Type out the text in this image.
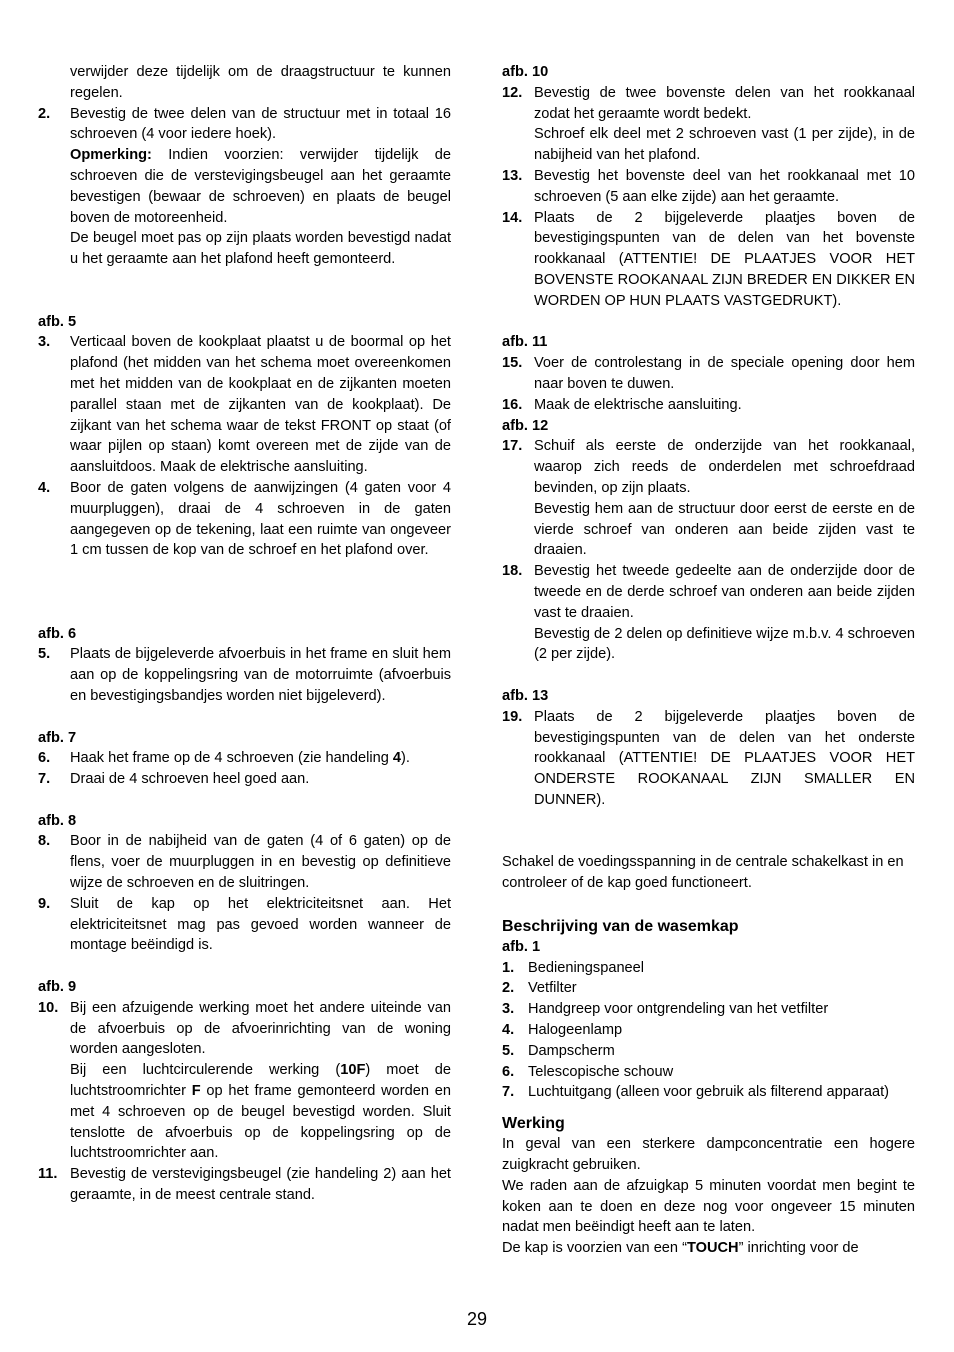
verwijder deze tijdelijk om de draagstructuur te kunnen regelen.

2.	Bevestig de twee delen van de structuur met in totaal 16 schroeven (4 voor iedere hoek).

Opmerking: Indien voorzien: verwijder tijdelijk de schroeven die de verstevigingsbeugel aan het geraamte bevestigen (bewaar de schroeven) en plaats de beugel boven de motoreenheid.

De beugel moet pas op zijn plaats worden bevestigd nadat u het geraamte aan het plafond heeft gemonteerd.

afb. 5
3.	Verticaal boven de kookplaat plaatst u de boormal op het plafond (het midden van het schema moet overeenkomen met het midden van de kookplaat en de zijkanten moeten parallel staan met de zijkanten van de kookplaat). De zijkant van het schema waar de tekst FRONT op staat (of waar pijlen op staan) komt overeen met de zijde van de aansluitdoos. Maak de elektrische aansluiting.
4.	Boor de gaten volgens de aanwijzingen (4 gaten voor 4 muurpluggen), draai de 4 schroeven in de gaten aangegeven op de tekening, laat een ruimte van ongeveer 1 cm tussen de kop van de schroef en het plafond over.
afb. 6
5.	Plaats de bijgeleverde afvoerbuis in het frame en sluit hem aan op de koppelingsring van de motorruimte (afvoerbuis en bevestigingsbandjes worden niet bijgeleverd).
afb. 7
6.	Haak het frame op de 4 schroeven (zie handeling 4).
7.	Draai de 4 schroeven heel goed aan.
afb. 8
8.	Boor in de nabijheid van de gaten (4 of 6 gaten) op de flens, voer de muurpluggen in en bevestig op definitieve wijze de schroeven en de sluitringen.
9.	Sluit de kap op het elektriciteitsnet aan. Het elektriciteitsnet mag pas gevoed worden wanneer de montage beëindigd is.
afb. 9
10. Bij een afzuigende werking moet het andere uiteinde van de afvoerbuis op de afvoerinrichting van de woning worden aangesloten.

Bij een luchtcirculerende werking (10F) moet de luchtstroomrichter F op het frame gemonteerd worden en met 4 schroeven op de beugel bevestigd worden. Sluit tenslotte de afvoerbuis op de koppelingsring op de luchtstroomrichter aan.

11. Bevestig de verstevigingsbeugel (zie handeling 2) aan het geraamte, in de meest centrale stand.
afb. 10
12. Bevestig de twee bovenste delen van het rookkanaal zodat het geraamte wordt bedekt.

Schroef elk deel met 2 schroeven vast (1 per zijde), in de nabijheid van het plafond.

13. Bevestig het bovenste deel van het rookkanaal met 10 schroeven (5 aan elke zijde) aan het geraamte.
14. Plaats de 2 bijgeleverde plaatjes boven de bevestigingspunten van de delen van het bovenste rookkanaal (ATTENTIE! DE PLAATJES VOOR HET BOVENSTE ROOKANAAL ZIJN BREDER EN DIKKER EN WORDEN OP HUN PLAATS VASTGEDRUKT).
afb. 11
15. Voer de controlestang in de speciale opening door hem naar boven te duwen.
16. Maak de elektrische aansluiting.
afb. 12
17. Schuif als eerste de onderzijde van het rookkanaal, waarop zich reeds de onderdelen met schroefdraad bevinden, op zijn plaats.

Bevestig hem aan de structuur door eerst de eerste en de vierde schroef van onderen aan beide zijden vast te draaien.

18. Bevestig het tweede gedeelte aan de onderzijde door de tweede en de derde schroef van onderen aan beide zijden vast te draaien.

Bevestig de 2 delen op definitieve wijze m.b.v. 4 schroeven (2 per zijde).

afb. 13
19. Plaats de 2 bijgeleverde plaatjes boven de bevestigingspunten van de delen van het onderste rookkanaal (ATTENTIE! DE PLAATJES VOOR HET ONDERSTE ROOKANAAL ZIJN SMALLER EN DUNNER).

Schakel de voedingsspanning in de centrale schakelkast in en controleer of de kap goed functioneert.

Beschrijving van de wasemkap
afb. 1
1. Bedieningspaneel
2. Vetfilter
3. Handgreep voor ontgrendeling van het vetfilter
4. Halogeenlamp
5. Dampscherm
6. Telescopische schouw
7. Luchtuitgang (alleen voor gebruik als filterend apparaat)
Werking

In geval van een sterkere dampconcentratie een hogere zuigkracht gebruiken.

We raden aan de afzuigkap 5 minuten voordat men begint te koken aan te doen en deze nog voor ongeveer 15 minuten nadat men beëindigt heeft aan te laten.

De kap is voorzien van een “TOUCH” inrichting voor de

29
